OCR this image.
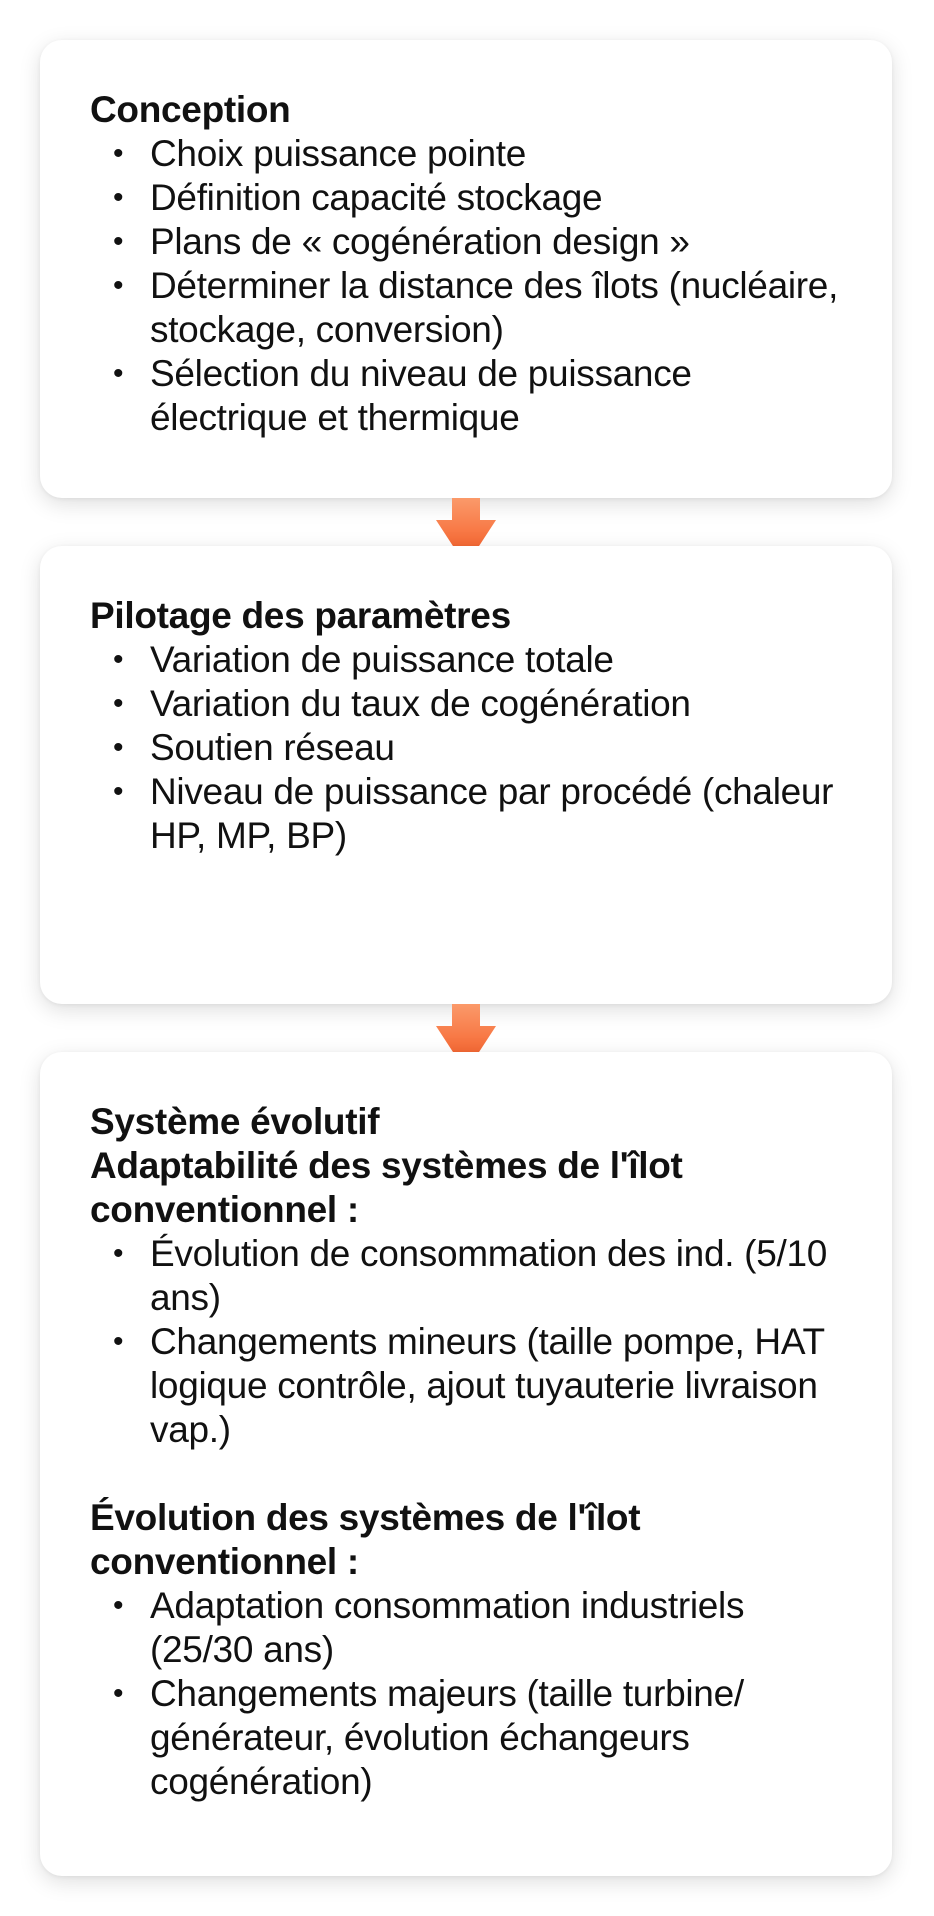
Conception
• Choix puissance pointe
• Définition capacité stockage
• Plans de « cogénération design »
• Déterminer la distance des îlots (nucléaire, stockage, conversion)
• Sélection du niveau de puissance électrique et thermique
Pilotage des paramètres
• Variation de puissance totale
• Variation du taux de cogénération
• Soutien réseau
• Niveau de puissance par procédé (chaleur HP, MP, BP)
Système évolutif
Adaptabilité des systèmes de l'îlot conventionnel :
• Évolution de consommation des ind. (5/10 ans)
• Changements mineurs (taille pompe, HAT logique contrôle, ajout tuyauterie livraison vap.)
Évolution des systèmes de l'îlot conventionnel :
• Adaptation consommation industriels (25/30 ans)
• Changements majeurs (taille turbine/ générateur, évolution échangeurs cogénération)
